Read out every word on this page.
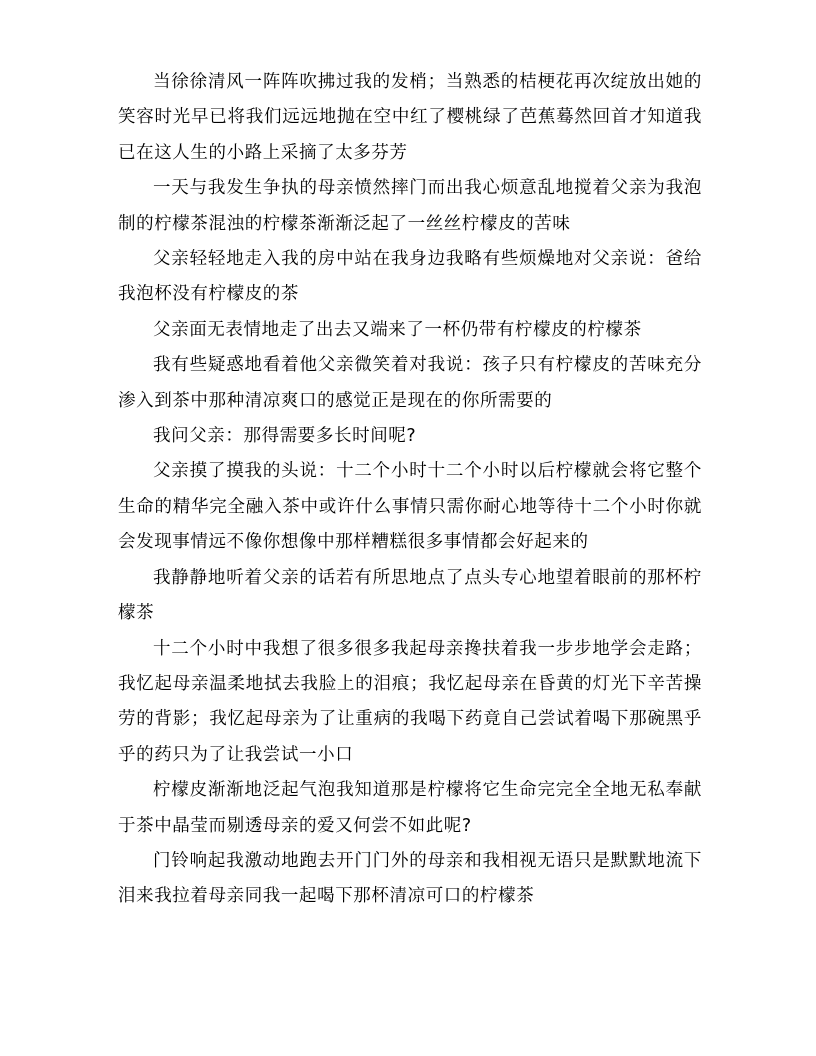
当徐徐清风一阵阵吹拂过我的发梢；当熟悉的桔梗花再次绽放出她的笑容时光早已将我们远远地抛在空中红了樱桃绿了芭蕉蓦然回首才知道我已在这人生的小路上采摘了太多芬芳

一天与我发生争执的母亲愤然摔门而出我心烦意乱地搅着父亲为我泡制的柠檬茶混浊的柠檬茶渐渐泛起了一丝丝柠檬皮的苦味

父亲轻轻地走入我的房中站在我身边我略有些烦燥地对父亲说：爸给我泡杯没有柠檬皮的茶

父亲面无表情地走了出去又端来了一杯仍带有柠檬皮的柠檬茶

我有些疑惑地看着他父亲微笑着对我说：孩子只有柠檬皮的苦味充分渗入到茶中那种清凉爽口的感觉正是现在的你所需要的

我问父亲：那得需要多长时间呢?

父亲摸了摸我的头说：十二个小时十二个小时以后柠檬就会将它整个生命的精华完全融入茶中或许什么事情只需你耐心地等待十二个小时你就会发现事情远不像你想像中那样糟糕很多事情都会好起来的

我静静地听着父亲的话若有所思地点了点头专心地望着眼前的那杯柠檬茶

十二个小时中我想了很多很多我起母亲搀扶着我一步步地学会走路；我忆起母亲温柔地拭去我脸上的泪痕；我忆起母亲在昏黄的灯光下辛苦操劳的背影；我忆起母亲为了让重病的我喝下药竟自己尝试着喝下那碗黑乎乎的药只为了让我尝试一小口

柠檬皮渐渐地泛起气泡我知道那是柠檬将它生命完完全全地无私奉献于茶中晶莹而剔透母亲的爱又何尝不如此呢?

门铃响起我激动地跑去开门门外的母亲和我相视无语只是默默地流下泪来我拉着母亲同我一起喝下那杯清凉可口的柠檬茶
